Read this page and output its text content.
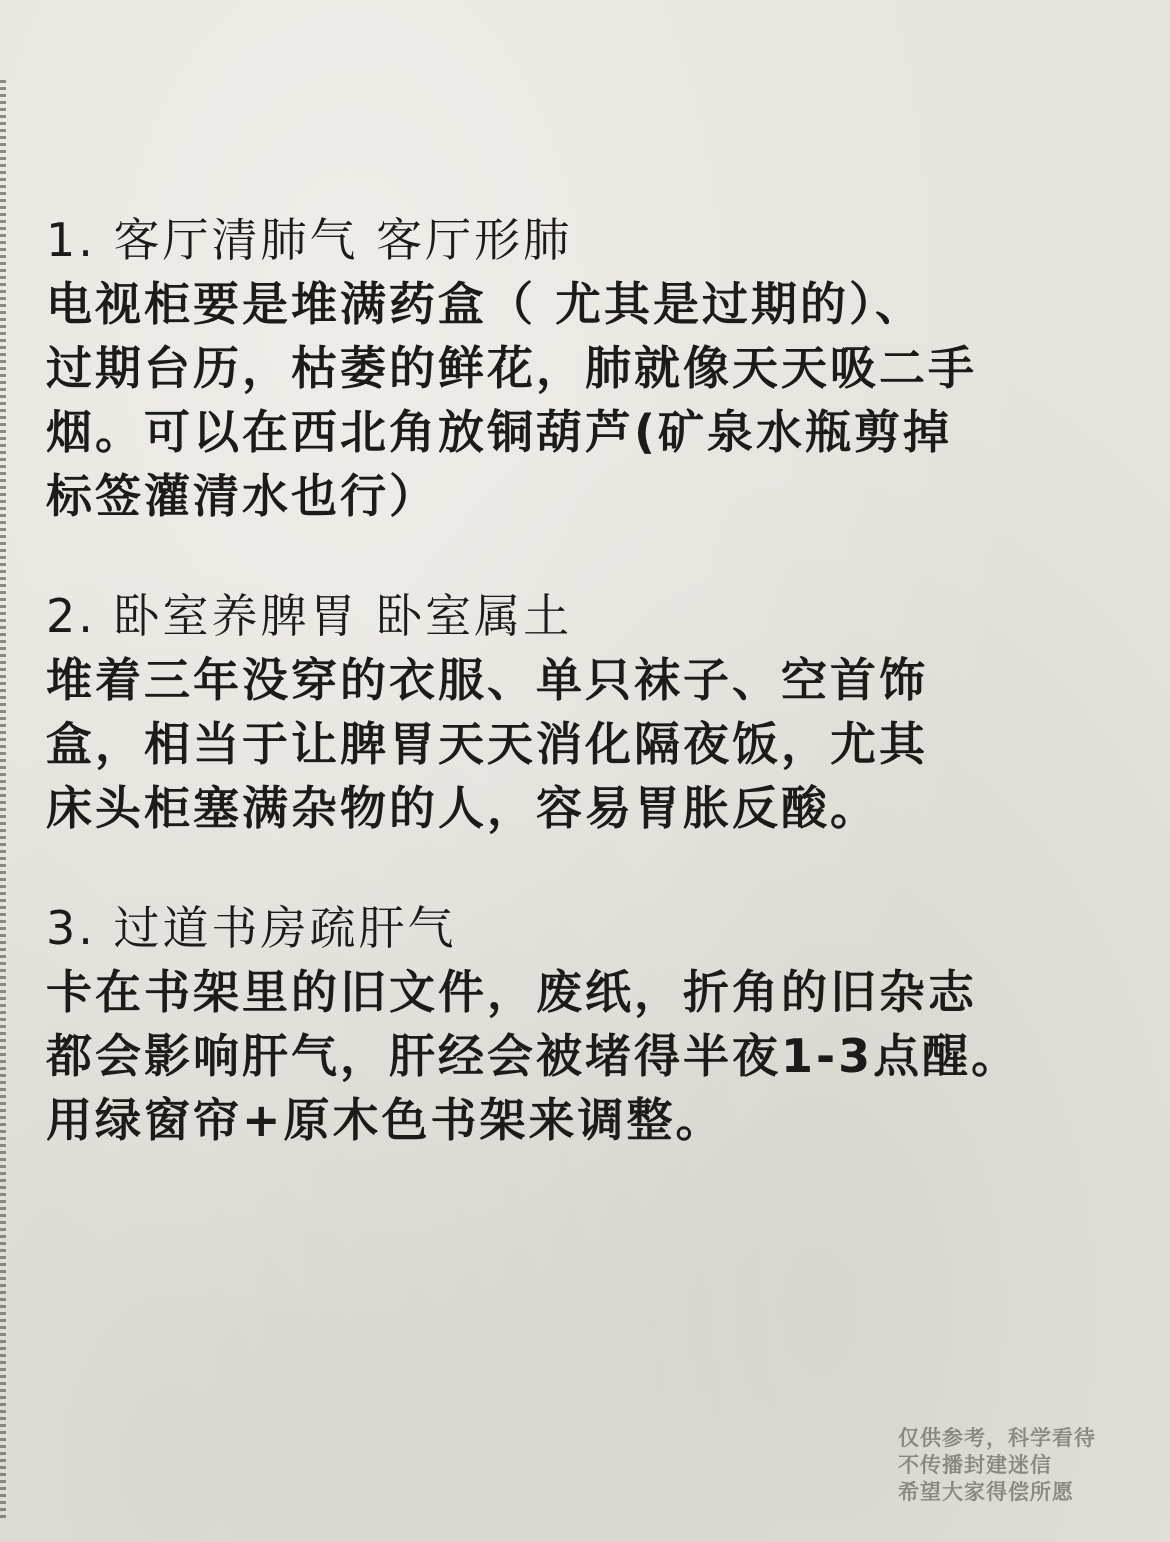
1. 客厅清肺气 客厅形肺
电视柜要是堆满药盒（ 尤其是过期的）、
过期台历，枯萎的鲜花，肺就像天天吸二手
烟。可以在西北角放铜葫芦(矿泉水瓶剪掉
标签灌清水也行）
2. 卧室养脾胃 卧室属土
堆着三年没穿的衣服、单只袜子、空首饰
盒，相当于让脾胃天天消化隔夜饭，尤其
床头柜塞满杂物的人，容易胃胀反酸。
3. 过道书房疏肝气
卡在书架里的旧文件，废纸，折角的旧杂志
都会影响肝气，肝经会被堵得半夜1-3点醒。
用绿窗帘+原木色书架来调整。
仅供参考，科学看待
不传播封建迷信
希望大家得偿所愿
